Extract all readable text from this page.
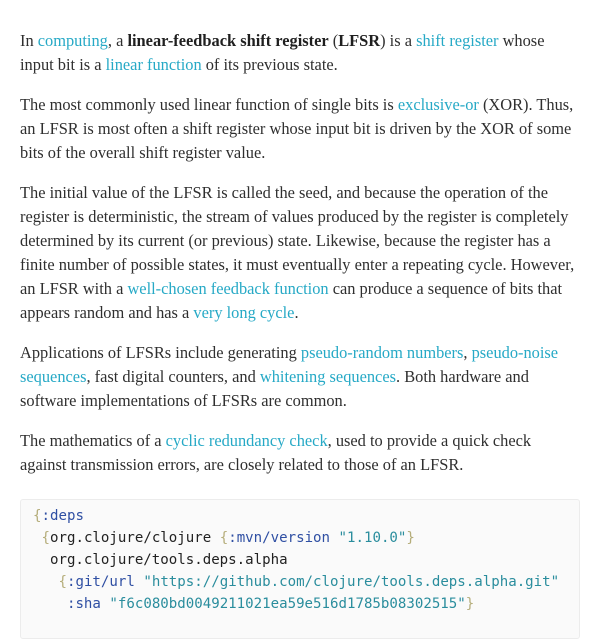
In computing, a linear-feedback shift register (LFSR) is a shift register whose input bit is a linear function of its previous state.

The most commonly used linear function of single bits is exclusive-or (XOR). Thus, an LFSR is most often a shift register whose input bit is driven by the XOR of some bits of the overall shift register value.

The initial value of the LFSR is called the seed, and because the operation of the register is deterministic, the stream of values produced by the register is completely determined by its current (or previous) state. Likewise, because the register has a finite number of possible states, it must eventually enter a repeating cycle. However, an LFSR with a well-chosen feedback function can produce a sequence of bits that appears random and has a very long cycle.

Applications of LFSRs include generating pseudo-random numbers, pseudo-noise sequences, fast digital counters, and whitening sequences. Both hardware and software implementations of LFSRs are common.

The mathematics of a cyclic redundancy check, used to provide a quick check against transmission errors, are closely related to those of an LFSR.

{:deps
{org.clojure/clojure {:mvn/version "1.10.0"}
org.clojure/tools.deps.alpha
{:git/url "https://github.com/clojure/tools.deps.alpha.git"
:sha "f6c080bd0049211021ea59e516d1785b08302515"}
